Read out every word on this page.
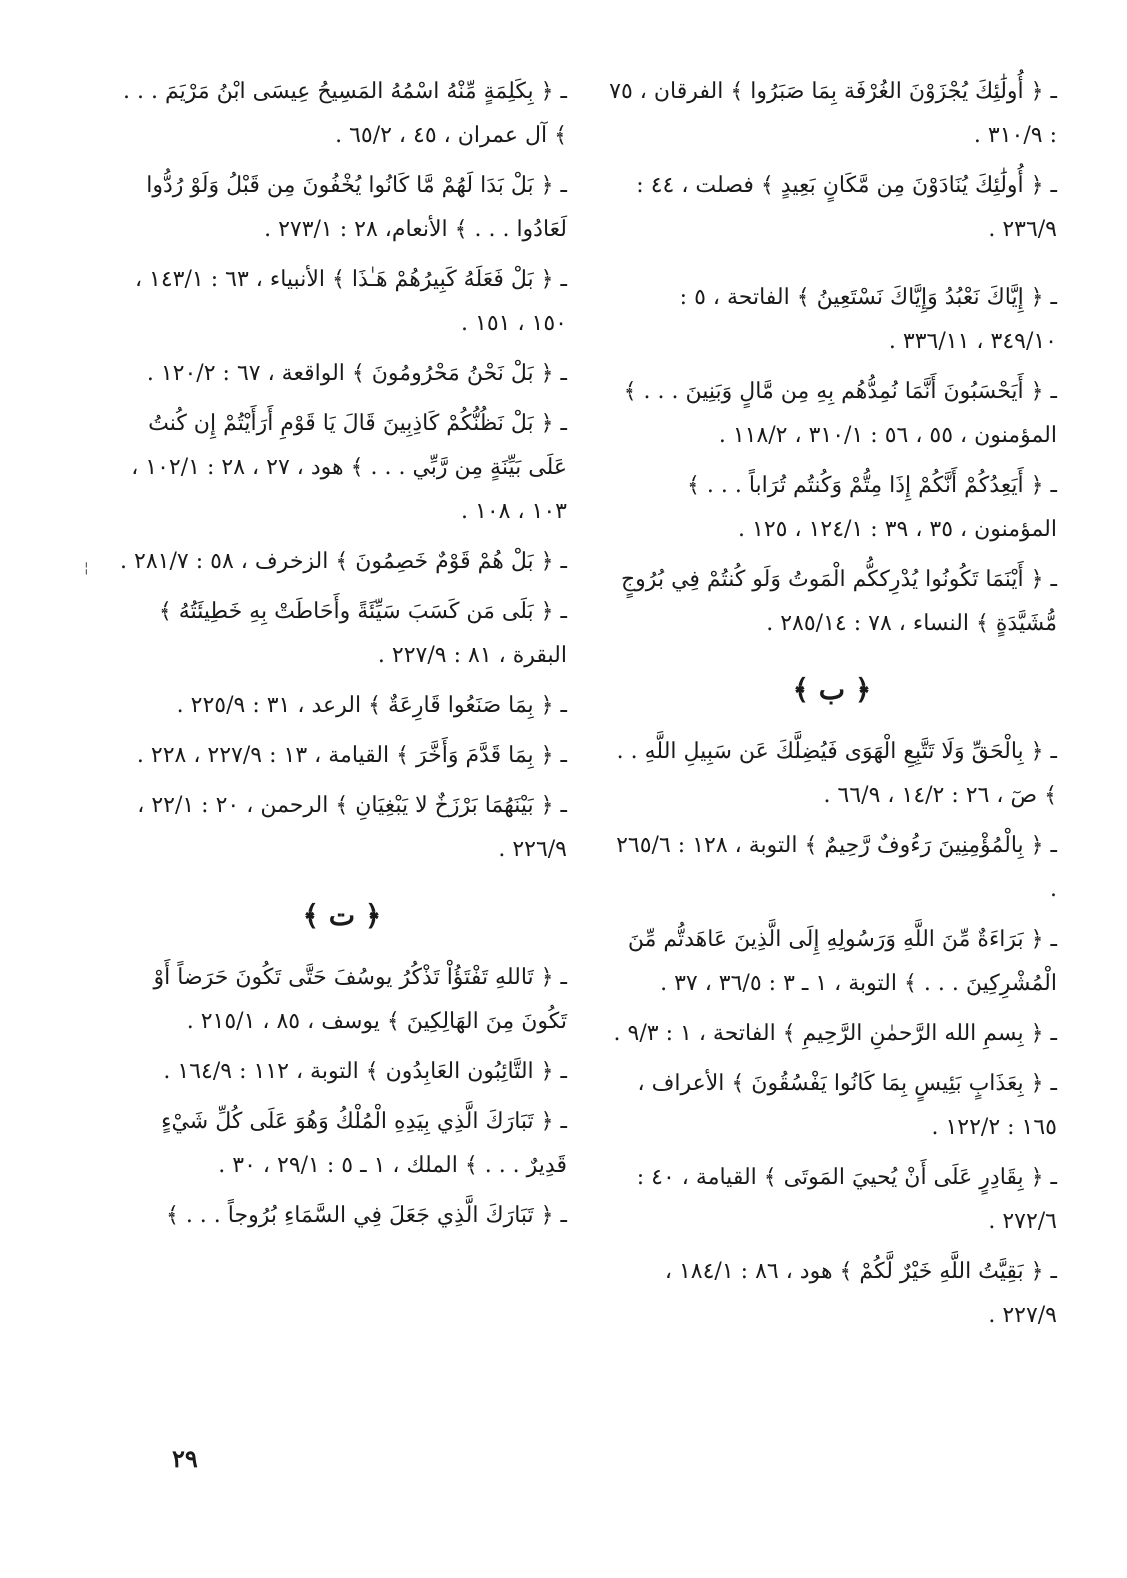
ـ ﴿ أُولَٰئِكَ يُجْزَوْنَ الغُرْفَة بِمَا صَبَرُوا ﴾ الفرقان ، ٧٥ : ٣١٠/٩ .

ـ ﴿ أُولَٰئِكَ يُنَادَوْنَ مِن مَّكَانٍ بَعِيدٍ ﴾ فصلت ، ٤٤ : ٢٣٦/٩ .

ـ ﴿ إِيَّاكَ نَعْبُدُ وَإِيَّاكَ نَسْتَعِينُ ﴾ الفاتحة ، ٥ : ٣٤٩/١٠ ، ٣٣٦/١١ .

ـ ﴿ أَيَحْسَبُونَ أَنَّمَا نُمِدُّهُم بِهِ مِن مَّالٍ وَبَنِينَ . . . ﴾ المؤمنون ، ٥٥ ، ٥٦ : ٣١٠/١ ، ١١٨/٢ .

ـ ﴿ أَيَعِدُكُمْ أَنَّكُمْ إِذَا مِتُّمْ وَكُنتُم تُرَاباً . . . ﴾ المؤمنون ، ٣٥ ، ٣٩ : ١٢٤/١ ، ١٢٥ .

ـ ﴿ أَيْنَمَا تَكُونُوا يُدْرِككُّم الْمَوتُ وَلَو كُنتُمْ فِي بُرُوجٍ مُّشَيَّدَةٍ ﴾ النساء ، ٧٨ : ٢٨٥/١٤ .

﴿ ب ﴾

ـ ﴿ بِالْحَقِّ وَلَا تَتَّبِعِ الْهَوَى فَيُضِلَّكَ عَن سَبِيلِ اللَّهِ . . ﴾ صٓ ، ٢٦ : ١٤/٢ ، ٦٦/٩ .

ـ ﴿ بِالْمُؤْمِنِينَ رَءُوفٌ رَّحِيمٌ ﴾ التوبة ، ١٢٨ : ٢٦٥/٦ .

ـ ﴿ بَرَاءَةٌ مِّنَ اللَّهِ وَرَسُولِهِ إِلَى الَّذِينَ عَاهَدتُّم مِّنَ الْمُشْرِكِينَ . . . ﴾ التوبة ، ١ ـ ٣ : ٣٦/٥ ، ٣٧ .

ـ ﴿ بِسمِ الله الرَّحمٰنِ الرَّحِيمِ ﴾ الفاتحة ، ١ : ٩/٣ .

ـ ﴿ بِعَذَابٍ بَئِيسٍ بِمَا كَانُوا يَفْسُقُونَ ﴾ الأعراف ، ١٦٥ : ١٢٢/٢ .

ـ ﴿ بِقَادِرٍ عَلَى أَنْ يُحييَ المَوتَى ﴾ القيامة ، ٤٠ : ٢٧٢/٦ .

ـ ﴿ بَقِيَّتُ اللَّهِ خَيْرٌ لَّكُمْ ﴾ هود ، ٨٦ : ١٨٤/١ ، ٢٢٧/٩ .

ـ ﴿ بِكَلِمَةٍ مِّنْهُ اسْمُهُ المَسِيحُ عِيسَى ابْنُ مَرْيَمَ . . . ﴾ آل عمران ، ٤٥ ، ٦٥/٢ .

ـ ﴿ بَلْ بَدَا لَهُمْ مَّا كَانُوا يُخْفُونَ مِن قَبْلُ وَلَوْ رُدُّوا لَعَادُوا . . . ﴾ الأنعام، ٢٨ : ٢٧٣/١ .

ـ ﴿ بَلْ فَعَلَهُ كَبِيرُهُمْ هَـٰذَا ﴾ الأنبياء ، ٦٣ : ١٤٣/١ ، ١٥٠ ، ١٥١ .

ـ ﴿ بَلْ نَحْنُ مَحْرُومُونَ ﴾ الواقعة ، ٦٧ : ١٢٠/٢ .

ـ ﴿ بَلْ نَظُنُّكُمْ كَاذِبِينَ قَالَ يَا قَوْمِ أَرَأَيْتُمْ إِن كُنتُ عَلَى بَيِّنَةٍ مِن رَّبِّي . . . ﴾ هود ، ٢٧ ، ٢٨ : ١٠٢/١ ، ١٠٣ ، ١٠٨ .

ـ ﴿ بَلْ هُمْ قَوْمٌ خَصِمُونَ ﴾ الزخرف ، ٥٨ : ٢٨١/٧ .

ـ ﴿ بَلَى مَن كَسَبَ سَيِّئَةً وأَحَاطَتْ بِهِ خَطِيئَتُهُ ﴾ البقرة ، ٨١ : ٢٢٧/٩ .

ـ ﴿ بِمَا صَنَعُوا قَارِعَةٌ ﴾ الرعد ، ٣١ : ٢٢٥/٩ .

ـ ﴿ بِمَا قَدَّمَ وَأَخَّرَ ﴾ القيامة ، ١٣ : ٢٢٧/٩ ، ٢٢٨ .

ـ ﴿ بَيْنَهُمَا بَرْزَخٌ لا يَبْغِيَانِ ﴾ الرحمن ، ٢٠ : ٢٢/١ ، ٢٢٦/٩ .

﴿ ت ﴾

ـ ﴿ تَاللهِ تَفْتَؤُاْ تَذْكُرُ يوسُفَ حَتَّى تَكُونَ حَرَضاً أَوْ تَكُونَ مِنَ الهَالِكِينَ ﴾ يوسف ، ٨٥ ، ٢١٥/١ .

ـ ﴿ التَّائِبُون العَابِدُون ﴾ التوبة ، ١١٢ : ١٦٤/٩ .

ـ ﴿ تَبَارَكَ الَّذِي بِيَدِهِ الْمُلْكُ وَهُوَ عَلَى كُلِّ شَيْءٍ قَدِيرٌ . . . ﴾ الملك ، ١ ـ ٥ : ٢٩/١ ، ٣٠ .

ـ ﴿ تَبَارَكَ الَّذِي جَعَلَ فِي السَّمَاءِ بُرُوجاً . . . ﴾

¦
٢٩
